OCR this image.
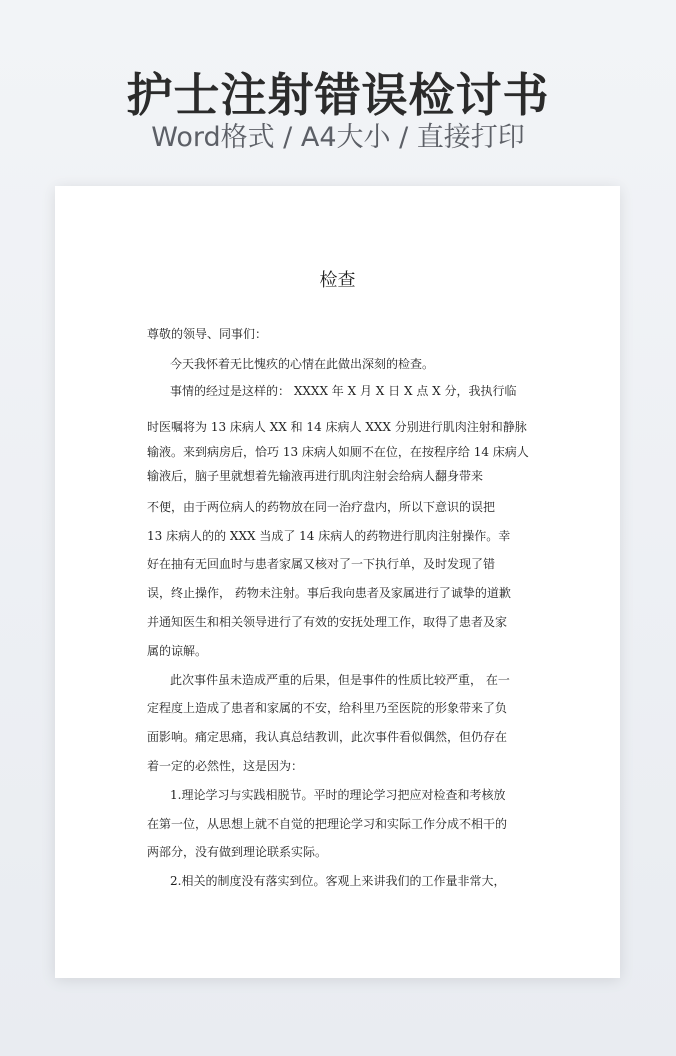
护士注射错误检讨书
Word格式 / A4大小 / 直接打印
检查
尊敬的领导、同事们：
今天我怀着无比愧疚的心情在此做出深刻的检查。
事情的经过是这样的： XXXX 年 X 月 X 日 X 点 X 分，我执行临
时医嘱将为 13 床病人 XX 和 14 床病人 XXX 分别进行肌肉注射和静脉
输液。来到病房后，恰巧 13 床病人如厕不在位，在按程序给 14 床病人
输液后，脑子里就想着先输液再进行肌肉注射会给病人翻身带来
不便，由于两位病人的药物放在同一治疗盘内，所以下意识的误把
13 床病人的的 XXX 当成了 14 床病人的药物进行肌肉注射操作。幸
好在抽有无回血时与患者家属又核对了一下执行单，及时发现了错
误，终止操作， 药物未注射。事后我向患者及家属进行了诚挚的道歉
并通知医生和相关领导进行了有效的安抚处理工作，取得了患者及家
属的谅解。
此次事件虽未造成严重的后果，但是事件的性质比较严重， 在一
定程度上造成了患者和家属的不安，给科里乃至医院的形象带来了负
面影响。痛定思痛，我认真总结教训，此次事件看似偶然，但仍存在
着一定的必然性，这是因为：
1.理论学习与实践相脱节。平时的理论学习把应对检查和考核放
在第一位，从思想上就不自觉的把理论学习和实际工作分成不相干的
两部分，没有做到理论联系实际。
2.相关的制度没有落实到位。客观上来讲我们的工作量非常大，
